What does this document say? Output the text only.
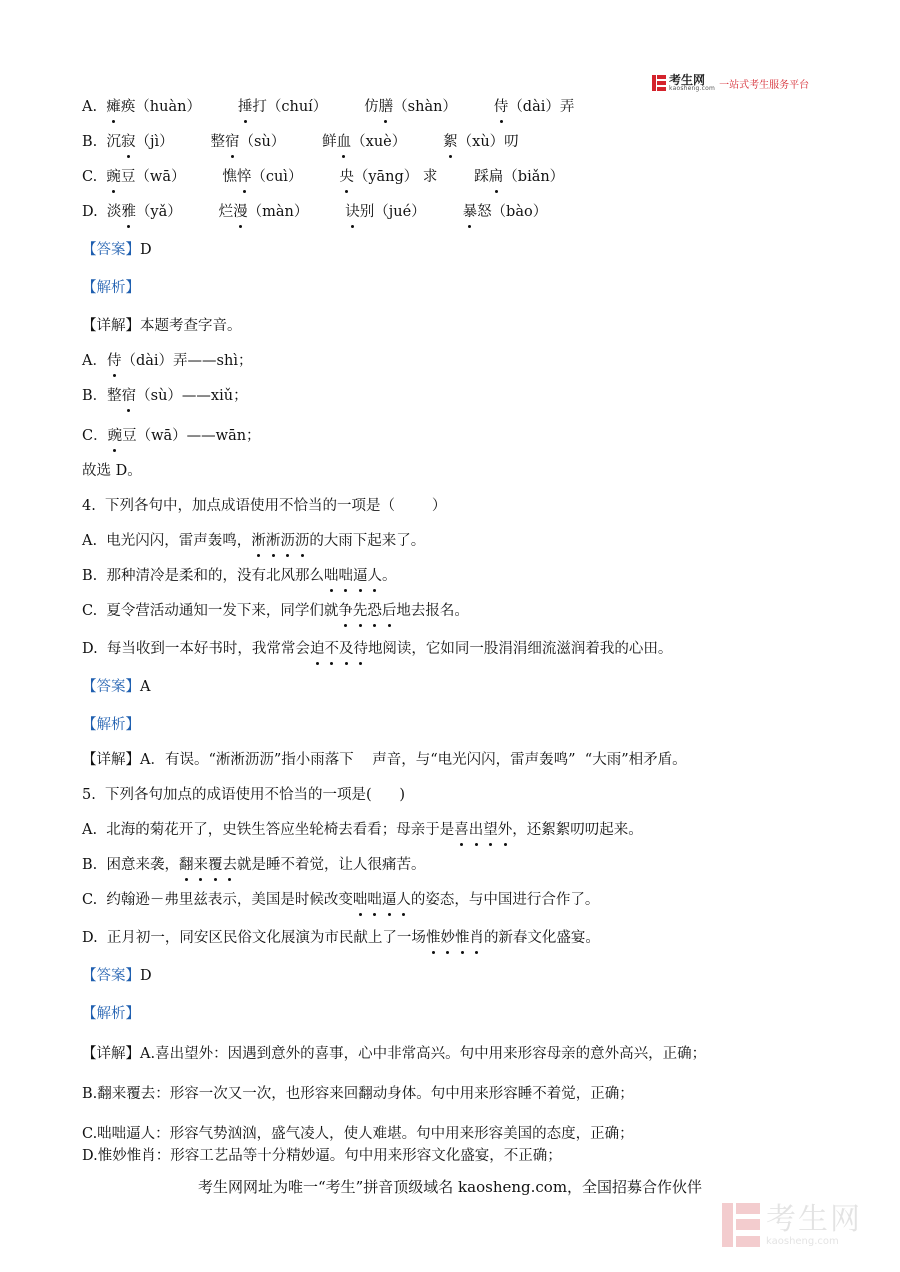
考生网
kaosheng.com 一站式考生服务平台
A.  瘫痪（huàn）        捶打（chuí）        仿膳（shàn）        侍（dài）弄
B.  沉寂（jì）        整宿（sù）        鲜血（xuè）        絮（xù）叨
C.  豌豆（wā）        憔悴（cuì）        央（yāng） 求        踩扁（biǎn）
D.  淡雅（yǎ）        烂漫（màn）        诀别（jué）        暴怒（bào）
【答案】D
【解析】
【详解】本题考查字音。
A．侍（dài）弄——shì；
B．整宿（sù）——xiǔ；
C．豌豆（wā）——wān；
故选 D。
4.  下列各句中，加点成语使用不恰当的一项是（        ）
A.  电光闪闪，雷声轰鸣，淅淅沥沥的大雨下起来了。
B.  那种清冷是柔和的，没有北风那么咄咄逼人。
C.  夏令营活动通知一发下来，同学们就争先恐后地去报名。
D.  每当收到一本好书时，我常常会迫不及待地阅读，它如同一股涓涓细流滋润着我的心田。
【答案】A
【解析】
【详解】A．有误。“淅淅沥沥”指小雨落下    声音，与“电光闪闪，雷声轰鸣”  “大雨”相矛盾。
5.  下列各句加点的成语使用不恰当的一项是(      )
A.  北海的菊花开了，史铁生答应坐轮椅去看看；母亲于是喜出望外，还絮絮叨叨起来。
B.  困意来袭，翻来覆去就是睡不着觉，让人很痛苦。
C.  约翰逊－弗里兹表示，美国是时候改变咄咄逼人的姿态，与中国进行合作了。
D.  正月初一，同安区民俗文化展演为市民献上了一场惟妙惟肖的新春文化盛宴。
【答案】D
【解析】
【详解】A.喜出望外：因遇到意外的喜事，心中非常高兴。句中用来形容母亲的意外高兴，正确；
B.翻来覆去：形容一次又一次，也形容来回翻动身体。句中用来形容睡不着觉，正确；
C.咄咄逼人：形容气势汹汹，盛气凌人，使人难堪。句中用来形容美国的态度，正确；
D.惟妙惟肖：形容工艺品等十分精妙逼。句中用来形容文化盛宴，不正确；
考生网网址为唯一“考生”拼音顶级域名 kaosheng.com，全国招募合作伙伴
考生网
kaosheng.com
